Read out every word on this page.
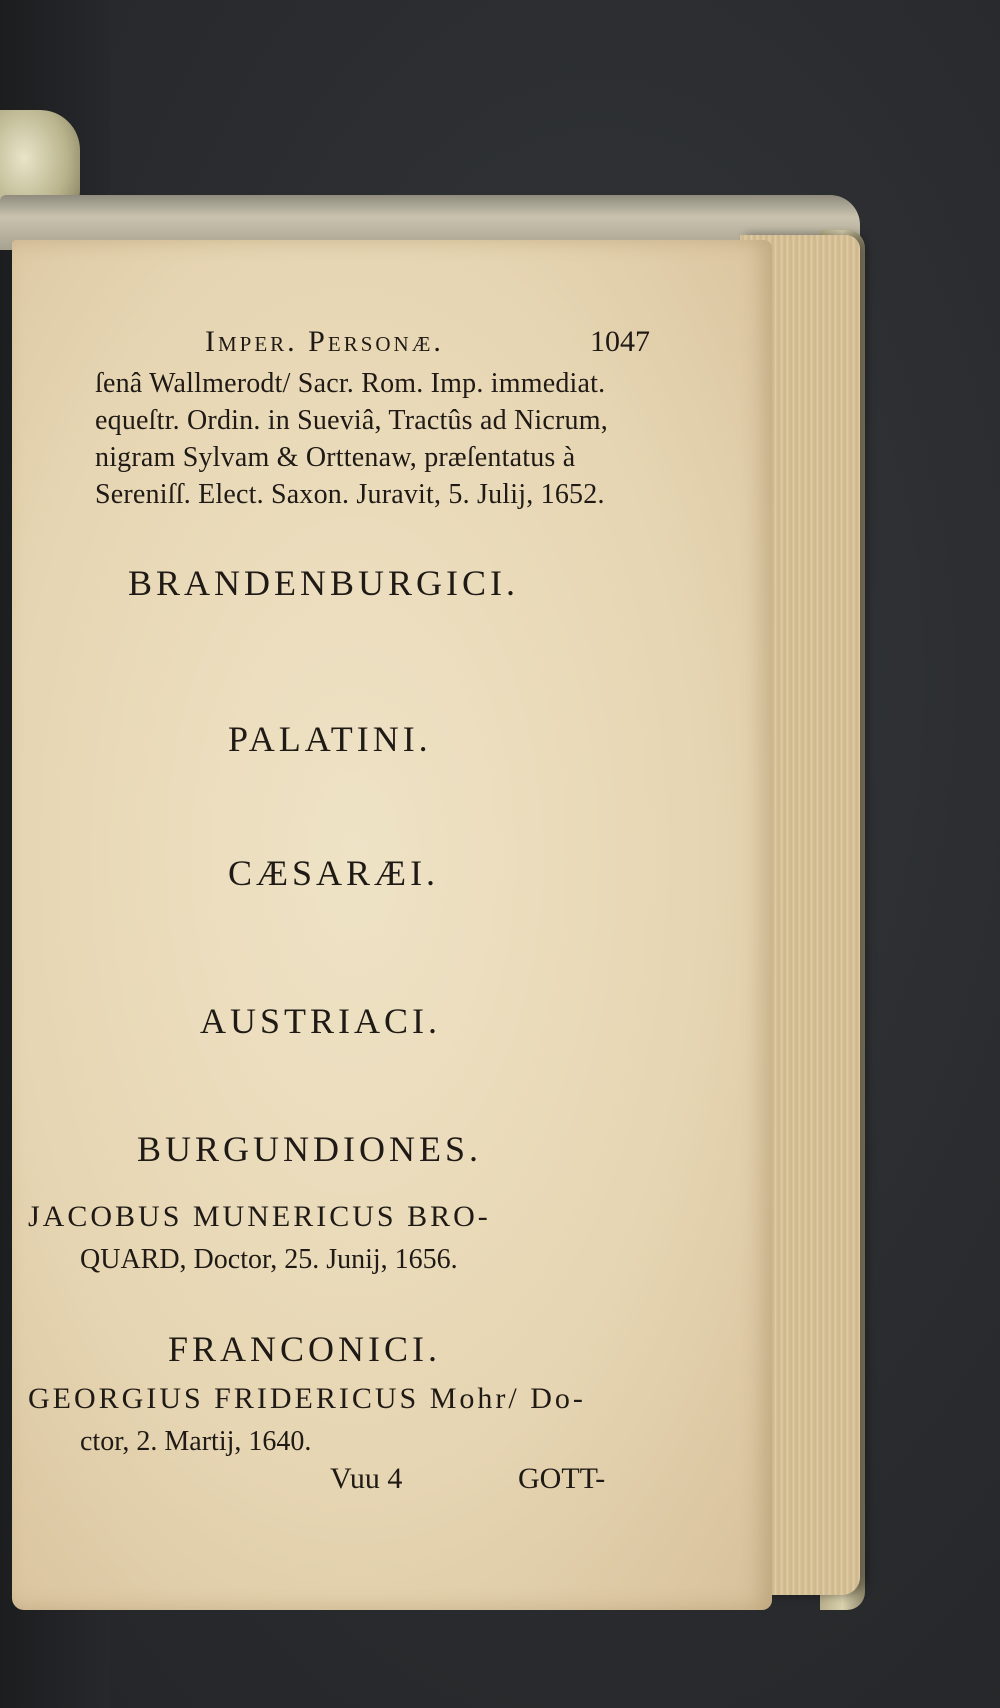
Imper. Personæ.	1047
ſenâ Wallmerodt/ Sacr. Rom. Imp. immediat.
equeſtr. Ordin. in Sueviâ, Tractûs ad Nicrum,
nigram Sylvam & Orttenaw, præſentatus à
Sereniſſ. Elect. Saxon. Juravit, 5. Julij, 1652.
BRANDENBURGICI.
PALATINI.
CÆSARÆI.
AUSTRIACI.
BURGUNDIONES.
JACOBUS MUNERICUS BRO-
QUARD, Doctor, 25. Junij, 1656.
FRANCONICI.
GEORGIUS FRIDERICUS Mohr/ Do-
ctor, 2. Martij, 1640.
Vuu 4	GOTT-
